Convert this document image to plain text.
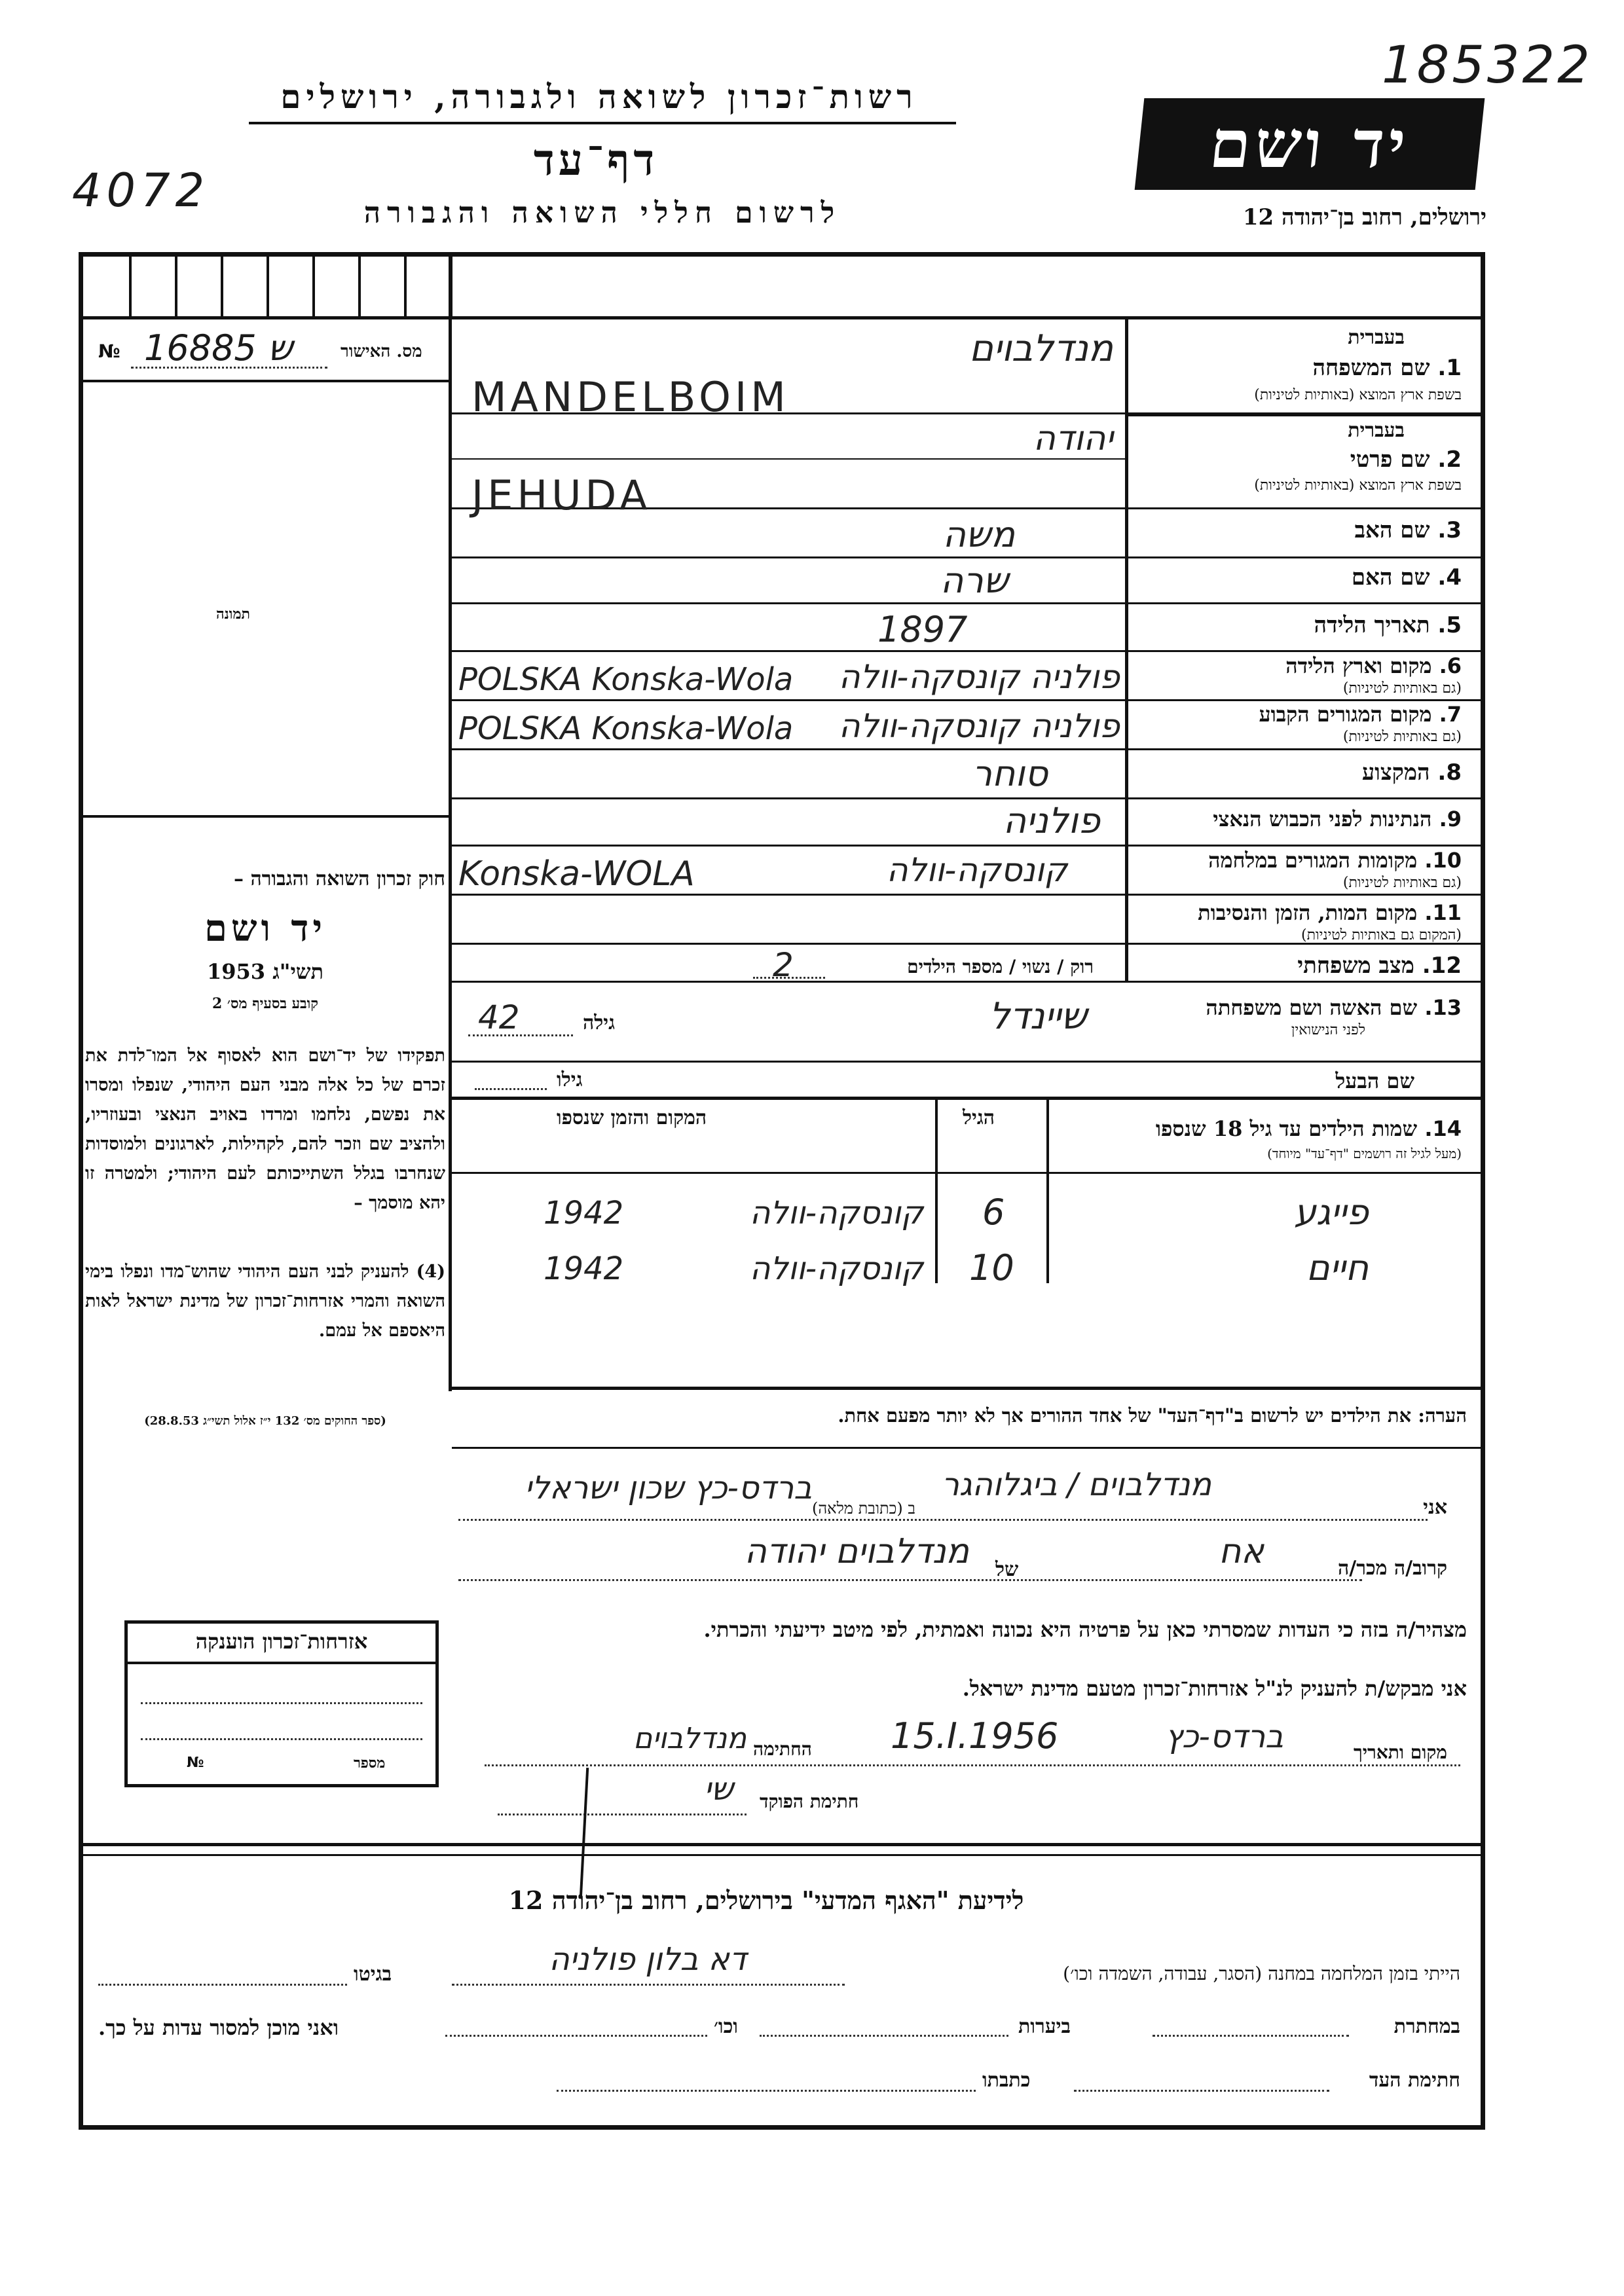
185322
4072
רשות־זכרון לשואה ולגבורה, ירושלים
דף־עד
לרשום חללי השואה והגבורה
יד ושם
ירושלים, רחוב בן־יהודה 12
№ 16885 ש	מס. האישור
תמונה
חוק זכרון השואה והגבורה –
יד ושם
תשי"ג 1953
קובע בסעיף מס׳ 2
תפקידו של יד־ושם הוא לאסוף אל המו־לדת את זכרם של כל אלה מבני העם היהודי, שנפלו ומסרו את נפשם, נלחמו ומרדו באויב הנאצי ובעוזריו, ולהציב שם וזכר להם, לקהילות, לארגונים ולמוסדות שנחרבו בגלל השתייכותם לעם היהודי; ולמטרה זו יהא מוסמך –
(4) להעניק לבני העם היהודי שהוש־מדו ונפלו בימי השואה והמרי אזרחות־זכרון של מדינת ישראל לאות היאספם אל עמם.
(ספר החוקים מס׳ 132 י״ז אלול תשי״ג 28.8.53)
בעברית
1. שם המשפחה
בשפת ארץ המוצא (באותיות לטיניות)
מנדלבוים
MANDELBOIM
בעברית
2. שם פרטי
בשפת ארץ המוצא (באותיות לטיניות)
יהודה
JEHUDA
3. שם האב
משה
4. שם האם
שרה
5. תאריך הלידה
1897
6. מקום וארץ הלידה
(גם באותיות לטיניות)
POLSKA Konska-Wola	פולניה קונסקה-וולה
7. מקום המגורים הקבוע
(גם באותיות לטיניות)
POLSKA Konska-Wola	פולניה קונסקה-וולה
8. המקצוע
סוחר
9. הנתינות לפני הכבוש הנאצי
פולניה
10. מקומות המגורים במלחמה
(גם באותיות לטיניות)
Konska-WOLA	קונסקה-וולה
11. מקום המות, הזמן והנסיבות
(המקום גם באותיות לטיניות)
12. מצב משפחתי
רוק / נשוי / מספר הילדים
2
13. שם האשה ושם משפחתה
לפני הנישואין
שיינדל
גילה
42
שם הבעל
גילו
14. שמות הילדים עד גיל 18 שנספו
(מעל לגיל זה רושמים "דף־עד" מיוחד)
הגיל
המקום והזמן שנספו
פייגע
6
קונסקה-וולה
1942
חיים
10
קונסקה-וולה
1942
הערה: את הילדים יש לרשום ב"דף־העד" של אחד ההורים אך לא יותר מפעם אחת.
אני
מנדלבוים / ביגלוהגר
ב (כתובת מלאה)
ברדס-כץ שכון ישראלי
קרוב/ה מכר/ה
אח
של
מנדלבוים יהודה
מצהיר/ה בזה כי העדות שמסרתי כאן על פרטיה היא נכונה ואמתית, לפי מיטב ידיעתי והכרתי.
אני מבקש/ת להעניק לנ"ל אזרחות־זכרון מטעם מדינת ישראל.
מקום ותאריך
ברדס-כץ
15.I.1956
החתימה
מנדלבוים
חתימת הפוקד
שי
אזרחות־זכרון הוענקה
מספר
№
לידיעת "האגף המדעי" בירושלים, רחוב בן־יהודה 12
הייתי בזמן המלחמה במחנה (הסגר, עבודה, השמדה וכו׳)
דא בלון פולניה
בגיטו
במחתרת
ביערות
וכו׳
ואני מוכן למסור עדות על כך.
חתימת העד
כתבתו
